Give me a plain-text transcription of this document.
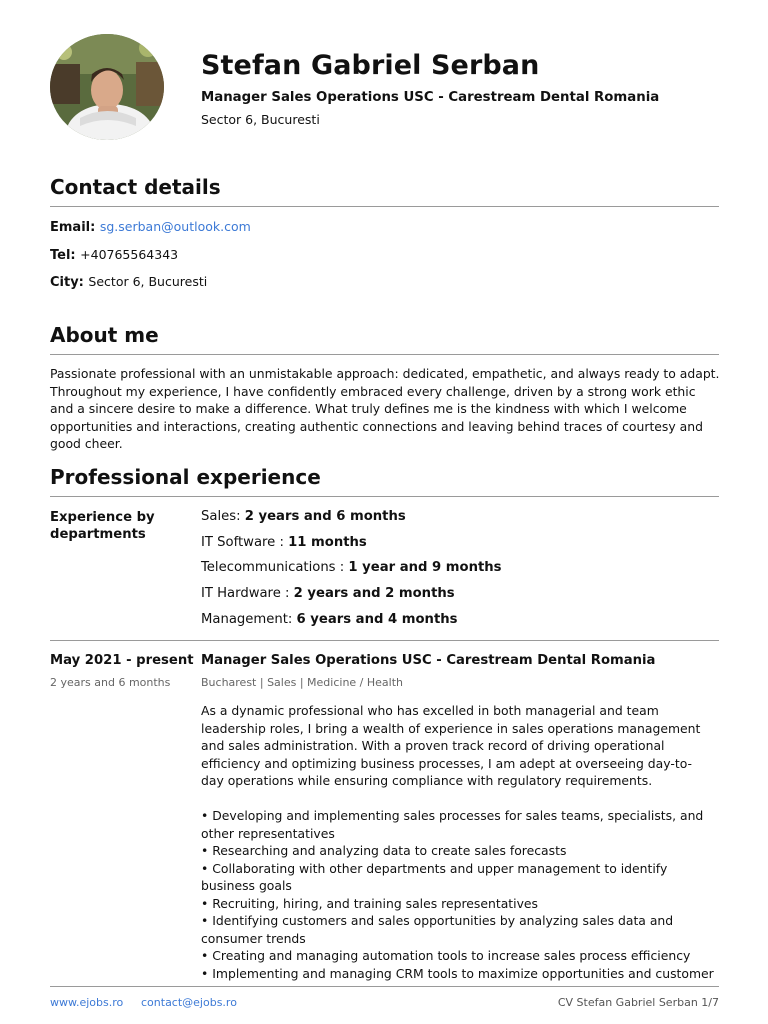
Stefan Gabriel Serban
Manager Sales Operations USC - Carestream Dental Romania
Sector 6, Bucuresti
Contact details
Email: sg.serban@outlook.com
Tel: +40765564343
City: Sector 6, Bucuresti
About me
Passionate professional with an unmistakable approach: dedicated, empathetic, and always ready to adapt. Throughout my experience, I have confidently embraced every challenge, driven by a strong work ethic and a sincere desire to make a difference. What truly defines me is the kindness with which I welcome opportunities and interactions, creating authentic connections and leaving behind traces of courtesy and good cheer.
Professional experience
Experience by departments
Sales: 2 years and 6 months
IT Software : 11 months
Telecommunications : 1 year and 9 months
IT Hardware : 2 years and 2 months
Management: 6 years and 4 months
May 2021 - present
2 years and 6 months
Manager Sales Operations USC - Carestream Dental Romania
Bucharest | Sales | Medicine / Health
As a dynamic professional who has excelled in both managerial and team leadership roles, I bring a wealth of experience in sales operations management and sales administration. With a proven track record of driving operational efficiency and optimizing business processes, I am adept at overseeing day-to-day operations while ensuring compliance with regulatory requirements.
• Developing and implementing sales processes for sales teams, specialists, and other representatives
• Researching and analyzing data to create sales forecasts
• Collaborating with other departments and upper management to identify business goals
• Recruiting, hiring, and training sales representatives
• Identifying customers and sales opportunities by analyzing sales data and consumer trends
• Creating and managing automation tools to increase sales process efficiency
• Implementing and managing CRM tools to maximize opportunities and customer
www.ejobs.ro contact@ejobs.ro	CV Stefan Gabriel Serban 1/7
